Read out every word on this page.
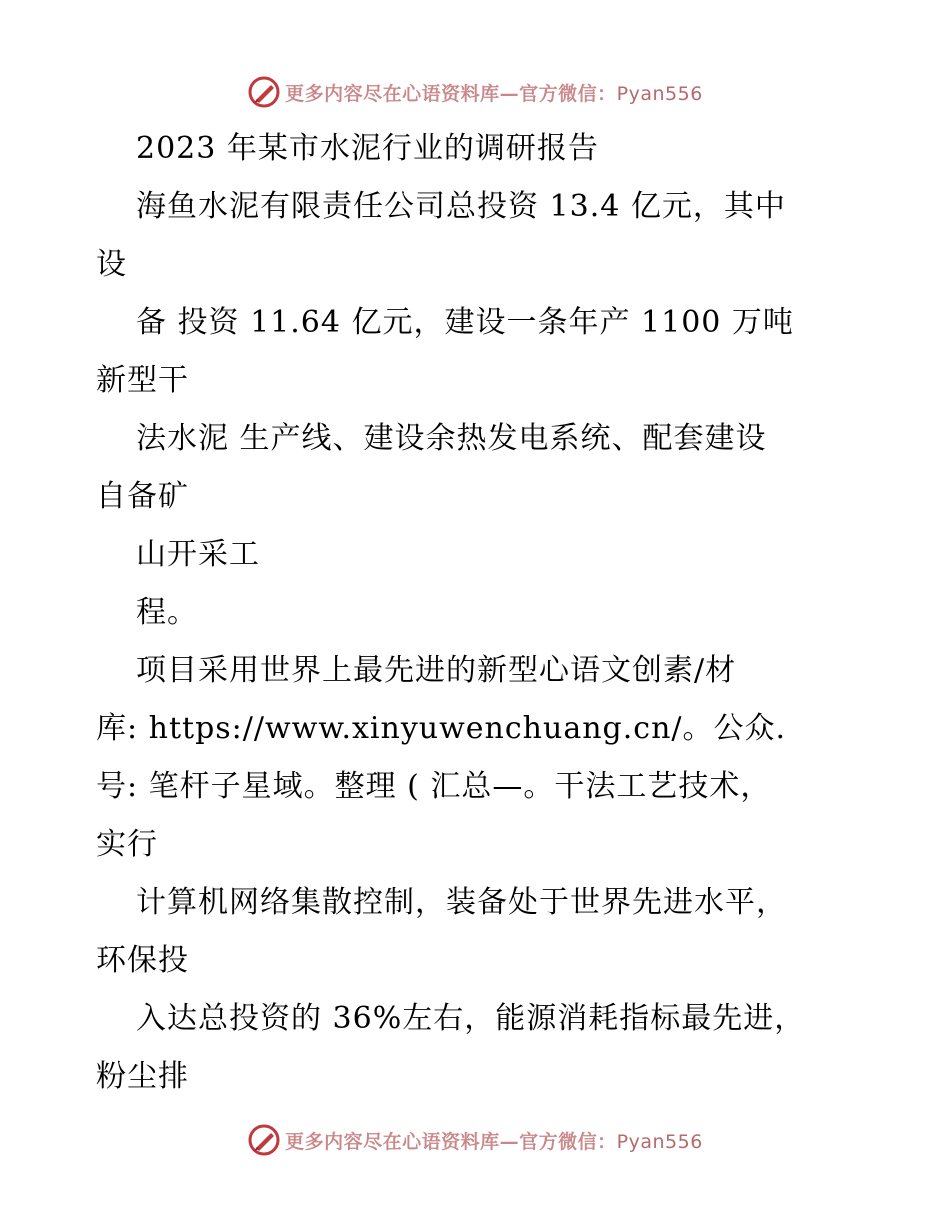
更多内容尽在心语资料库—官方微信：Pyan556
2023 年某市水泥行业的调研报告
海鱼水泥有限责任公司总投资 13.4 亿元，其中
设
备 投资 11.64 亿元，建设一条年产 1100 万吨
新型干
法水泥 生产线、建设余热发电系统、配套建设
自备矿
山开采工
程。
项目采用世界上最先进的新型心语文创素/材
库: https://www.xinyuwenchuang.cn/。公众.
号: 笔杆子星域。整理 ( 汇总—。干法工艺技术，
实行
计算机网络集散控制，装备处于世界先进水平，
环保投
入达总投资的 36%左右，能源消耗指标最先进，
粉尘排
更多内容尽在心语资料库—官方微信：Pyan556
